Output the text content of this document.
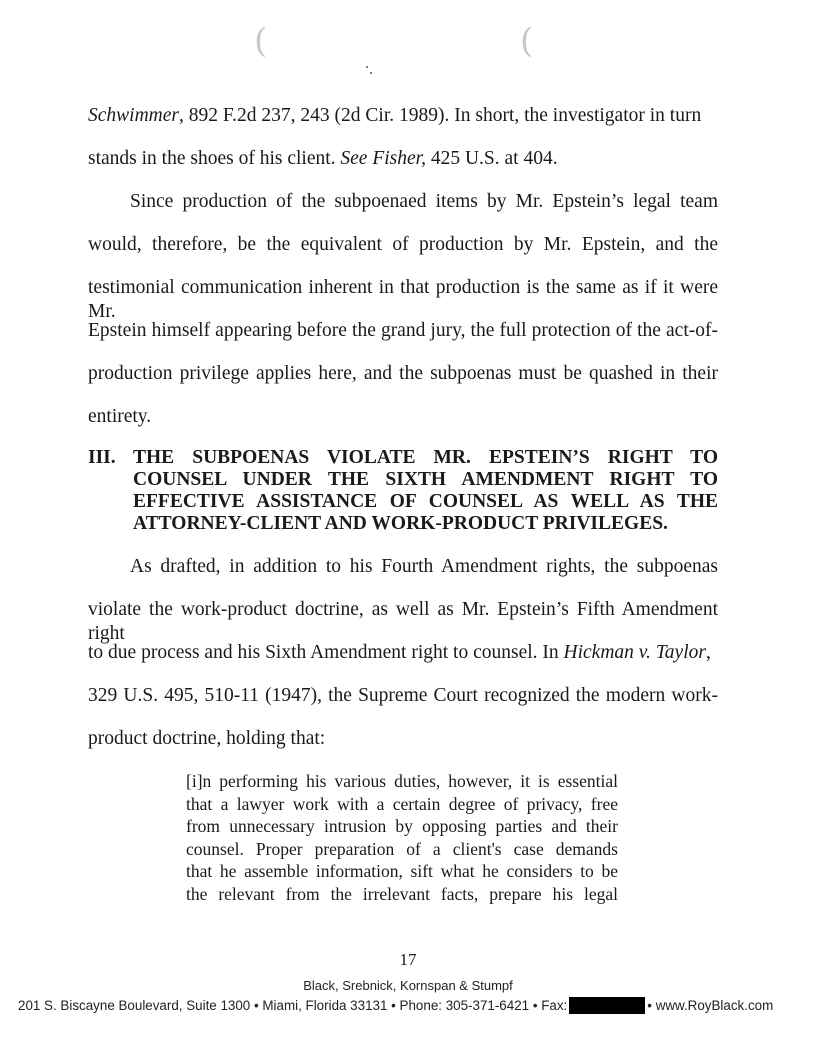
(	(
Schwimmer, 892 F.2d 237, 243 (2d Cir. 1989). In short, the investigator in turn
stands in the shoes of his client. See Fisher, 425 U.S. at 404.
Since production of the subpoenaed items by Mr. Epstein’s legal team
would, therefore, be the equivalent of production by Mr. Epstein, and the
testimonial communication inherent in that production is the same as if it were Mr.
Epstein himself appearing before the grand jury, the full protection of the act-of-
production privilege applies here, and the subpoenas must be quashed in their
entirety.
III. THE SUBPOENAS VIOLATE MR. EPSTEIN’S RIGHT TO
COUNSEL UNDER THE SIXTH AMENDMENT RIGHT TO
EFFECTIVE ASSISTANCE OF COUNSEL AS WELL AS THE
ATTORNEY-CLIENT AND WORK-PRODUCT PRIVILEGES.
As drafted, in addition to his Fourth Amendment rights, the subpoenas
violate the work-product doctrine, as well as Mr. Epstein’s Fifth Amendment right
to due process and his Sixth Amendment right to counsel. In Hickman v. Taylor,
329 U.S. 495, 510-11 (1947), the Supreme Court recognized the modern work-
product doctrine, holding that:
[i]n performing his various duties, however, it is essential
that a lawyer work with a certain degree of privacy, free
from unnecessary intrusion by opposing parties and their
counsel. Proper preparation of a client's case demands
that he assemble information, sift what he considers to be
the relevant from the irrelevant facts, prepare his legal
17
Black, Srebnick, Kornspan & Stumpf
201 S. Biscayne Boulevard, Suite 1300 • Miami, Florida 33131 • Phone: 305-371-6421 • Fax:	• www.RoyBlack.com
